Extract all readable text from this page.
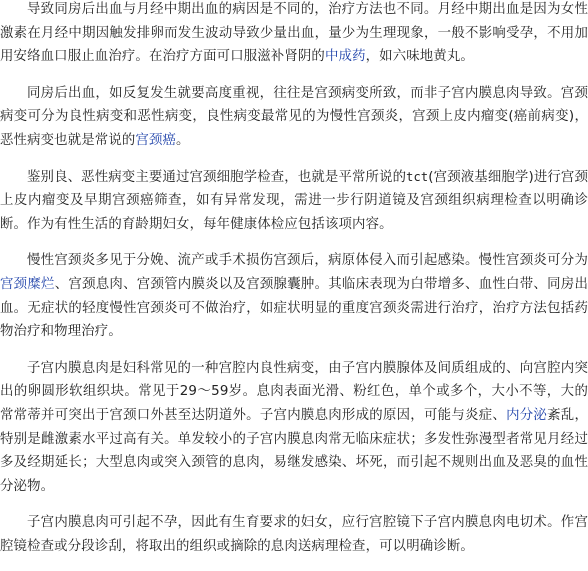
导致同房后出血与月经中期出血的病因是不同的，治疗方法也不同。月经中期出血是因为女性激素在月经中期因触发排卵而发生波动导致少量出血，量少为生理现象，一般不影响受孕，不用加用安络血口服止血治疗。在治疗方面可口服滋补肾阴的中成药，如六味地黄丸。

同房后出血，如反复发生就要高度重视，往往是宫颈病变所致，而非子宫内膜息肉导致。宫颈病变可分为良性病变和恶性病变，良性病变最常见的为慢性宫颈炎，宫颈上皮内瘤变(癌前病变)，恶性病变也就是常说的宫颈癌。

鉴别良、恶性病变主要通过宫颈细胞学检查，也就是平常所说的tct(宫颈液基细胞学)进行宫颈上皮内瘤变及早期宫颈癌筛查，如有异常发现，需进一步行阴道镜及宫颈组织病理检查以明确诊断。作为有性生活的育龄期妇女，每年健康体检应包括该项内容。

慢性宫颈炎多见于分娩、流产或手术损伤宫颈后，病原体侵入而引起感染。慢性宫颈炎可分为宫颈糜烂、宫颈息肉、宫颈管内膜炎以及宫颈腺囊肿。其临床表现为白带增多、血性白带、同房出血。无症状的轻度慢性宫颈炎可不做治疗，如症状明显的重度宫颈炎需进行治疗，治疗方法包括药物治疗和物理治疗。

子宫内膜息肉是妇科常见的一种宫腔内良性病变，由子宫内膜腺体及间质组成的、向宫腔内突出的卵圆形软组织块。常见于29～59岁。息肉表面光滑、粉红色，单个或多个，大小不等，大的常常蒂并可突出于宫颈口外甚至达阴道外。子宫内膜息肉形成的原因，可能与炎症、内分泌紊乱，特别是雌激素水平过高有关。单发较小的子宫内膜息肉常无临床症状；多发性弥漫型者常见月经过多及经期延长；大型息肉或突入颈管的息肉，易继发感染、坏死，而引起不规则出血及恶臭的血性分泌物。

子宫内膜息肉可引起不孕，因此有生育要求的妇女，应行宫腔镜下子宫内膜息肉电切术。作宫腔镜检查或分段诊刮，将取出的组织或摘除的息肉送病理检查，可以明确诊断。
